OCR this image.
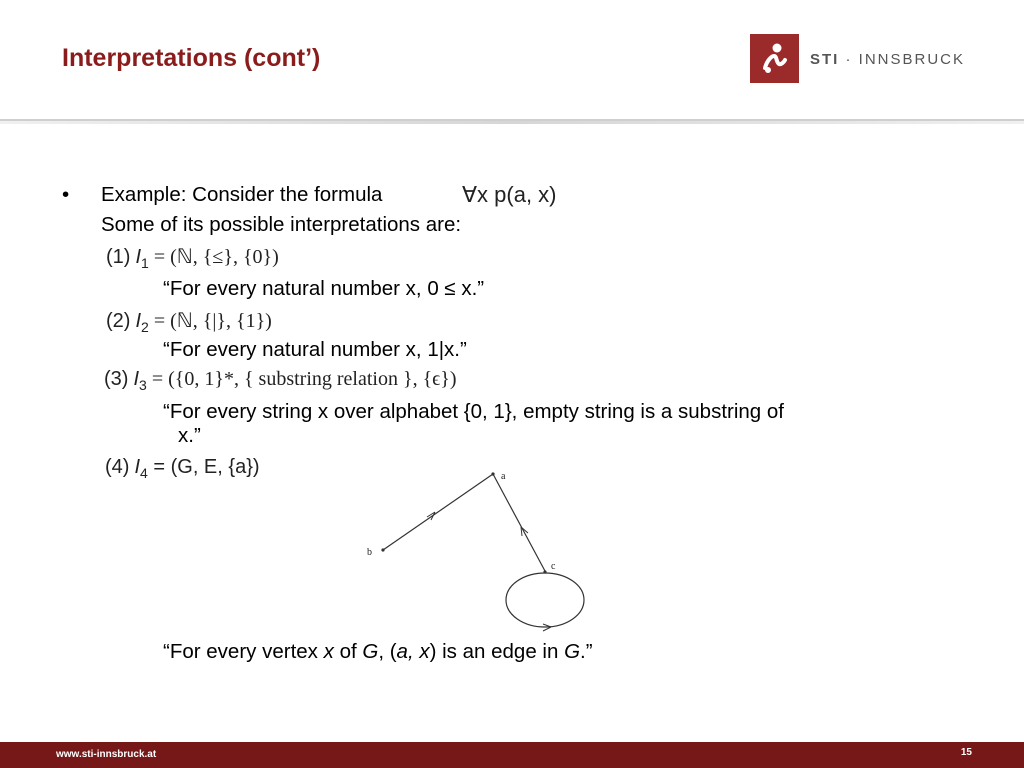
Interpretations (cont’)	STI · INNSBRUCK
• Example: Consider the formula	∀x p(a, x)
Some of its possible interpretations are:
(1) $I_1$ = (ℕ, {≤}, {0})
“For every natural number x, 0 ≤ x.”
(2) $I_2$ = (ℕ, {|}, {1})
“For every natural number x, 1|x.”
(3) $I_3 = (\{0$, 1}*, { substring relation }, {ϵ})
“For every string x over alphabet {0, 1}, empty string is a substring of
x.”
(4) $I_4 = (G$, E, {a})	a
b
c
“For every vertex x of G, (a, x) is an edge in G.”
www.sti-innsbruck.at	15
